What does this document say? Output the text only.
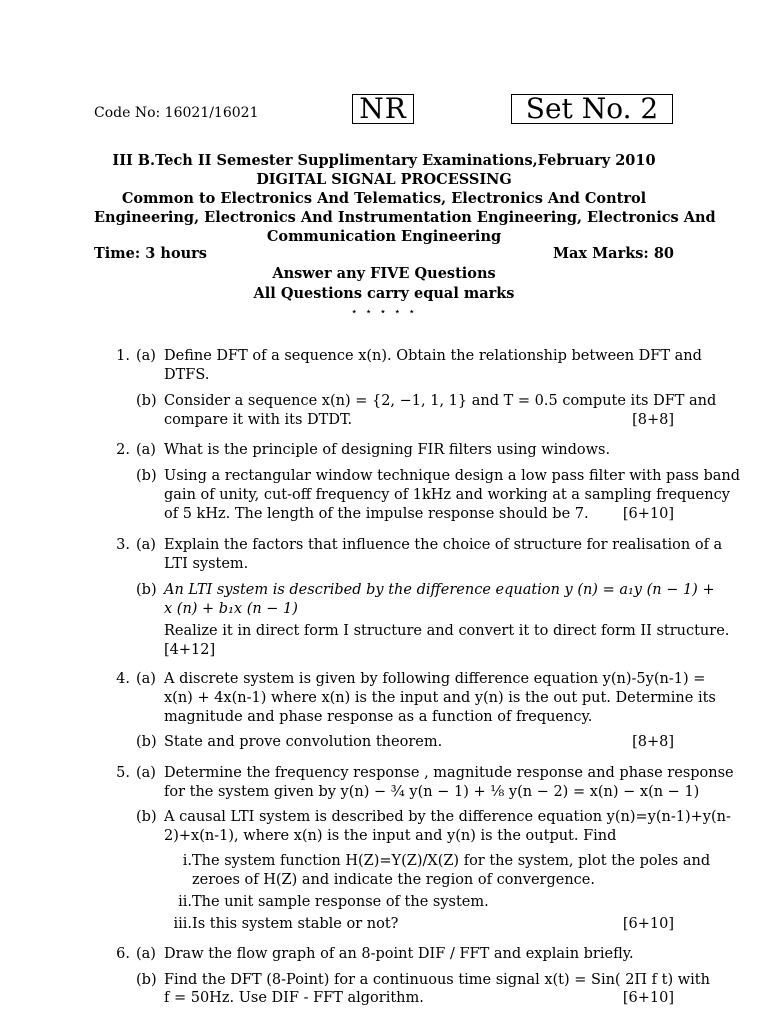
Code No: 16021/16021	NR	Set No. 2
III B.Tech II Semester Supplimentary Examinations,February 2010
DIGITAL SIGNAL PROCESSING
Common to Electronics And Telematics, Electronics And Control
Engineering, Electronics And Instrumentation Engineering, Electronics And
Communication Engineering
Time: 3 hours	Max Marks: 80
Answer any FIVE Questions
All Questions carry equal marks
⋆ ⋆ ⋆ ⋆ ⋆
1. (a) Define DFT of a sequence x(n). Obtain the relationship between DFT and
DTFS.
(b) Consider a sequence x(n) = {2, −1, 1, 1} and T = 0.5 compute its DFT and
compare it with its DTDT.	[8+8]
2. (a) What is the principle of designing FIR filters using windows.
(b) Using a rectangular window technique design a low pass filter with pass band
gain of unity, cut-off frequency of 1kHz and working at a sampling frequency
of 5 kHz. The length of the impulse response should be 7. [6+10]
3. (a) Explain the factors that influence the choice of structure for realisation of a
LTI system.
(b) An LTI system is described by the difference equation y (n) = a₁y (n − 1) +
x (n) + b₁x (n − 1)
Realize it in direct form I structure and convert it to direct form II structure.
[4+12]
4. (a) A discrete system is given by following difference equation y(n)-5y(n-1) =
x(n) + 4x(n-1) where x(n) is the input and y(n) is the out put. Determine its
magnitude and phase response as a function of frequency.
(b) State and prove convolution theorem.	[8+8]
5. (a) Determine the frequency response , magnitude response and phase response
for the system given by y(n) − ¾ y(n − 1) + ⅛ y(n − 2) = x(n) − x(n − 1)
(b) A causal LTI system is described by the difference equation y(n)=y(n-1)+y(n-
2)+x(n-1), where x(n) is the input and y(n) is the output. Find
i. The system function H(Z)=Y(Z)/X(Z) for the system, plot the poles and
zeroes of H(Z) and indicate the region of convergence.
ii. The unit sample response of the system.
iii. Is this system stable or not?	[6+10]
6. (a) Draw the flow graph of an 8-point DIF / FFT and explain briefly.
(b) Find the DFT (8-Point) for a continuous time signal x(t) = Sin( 2Π f t) with
f = 50Hz. Use DIF - FFT algorithm.	[6+10]
